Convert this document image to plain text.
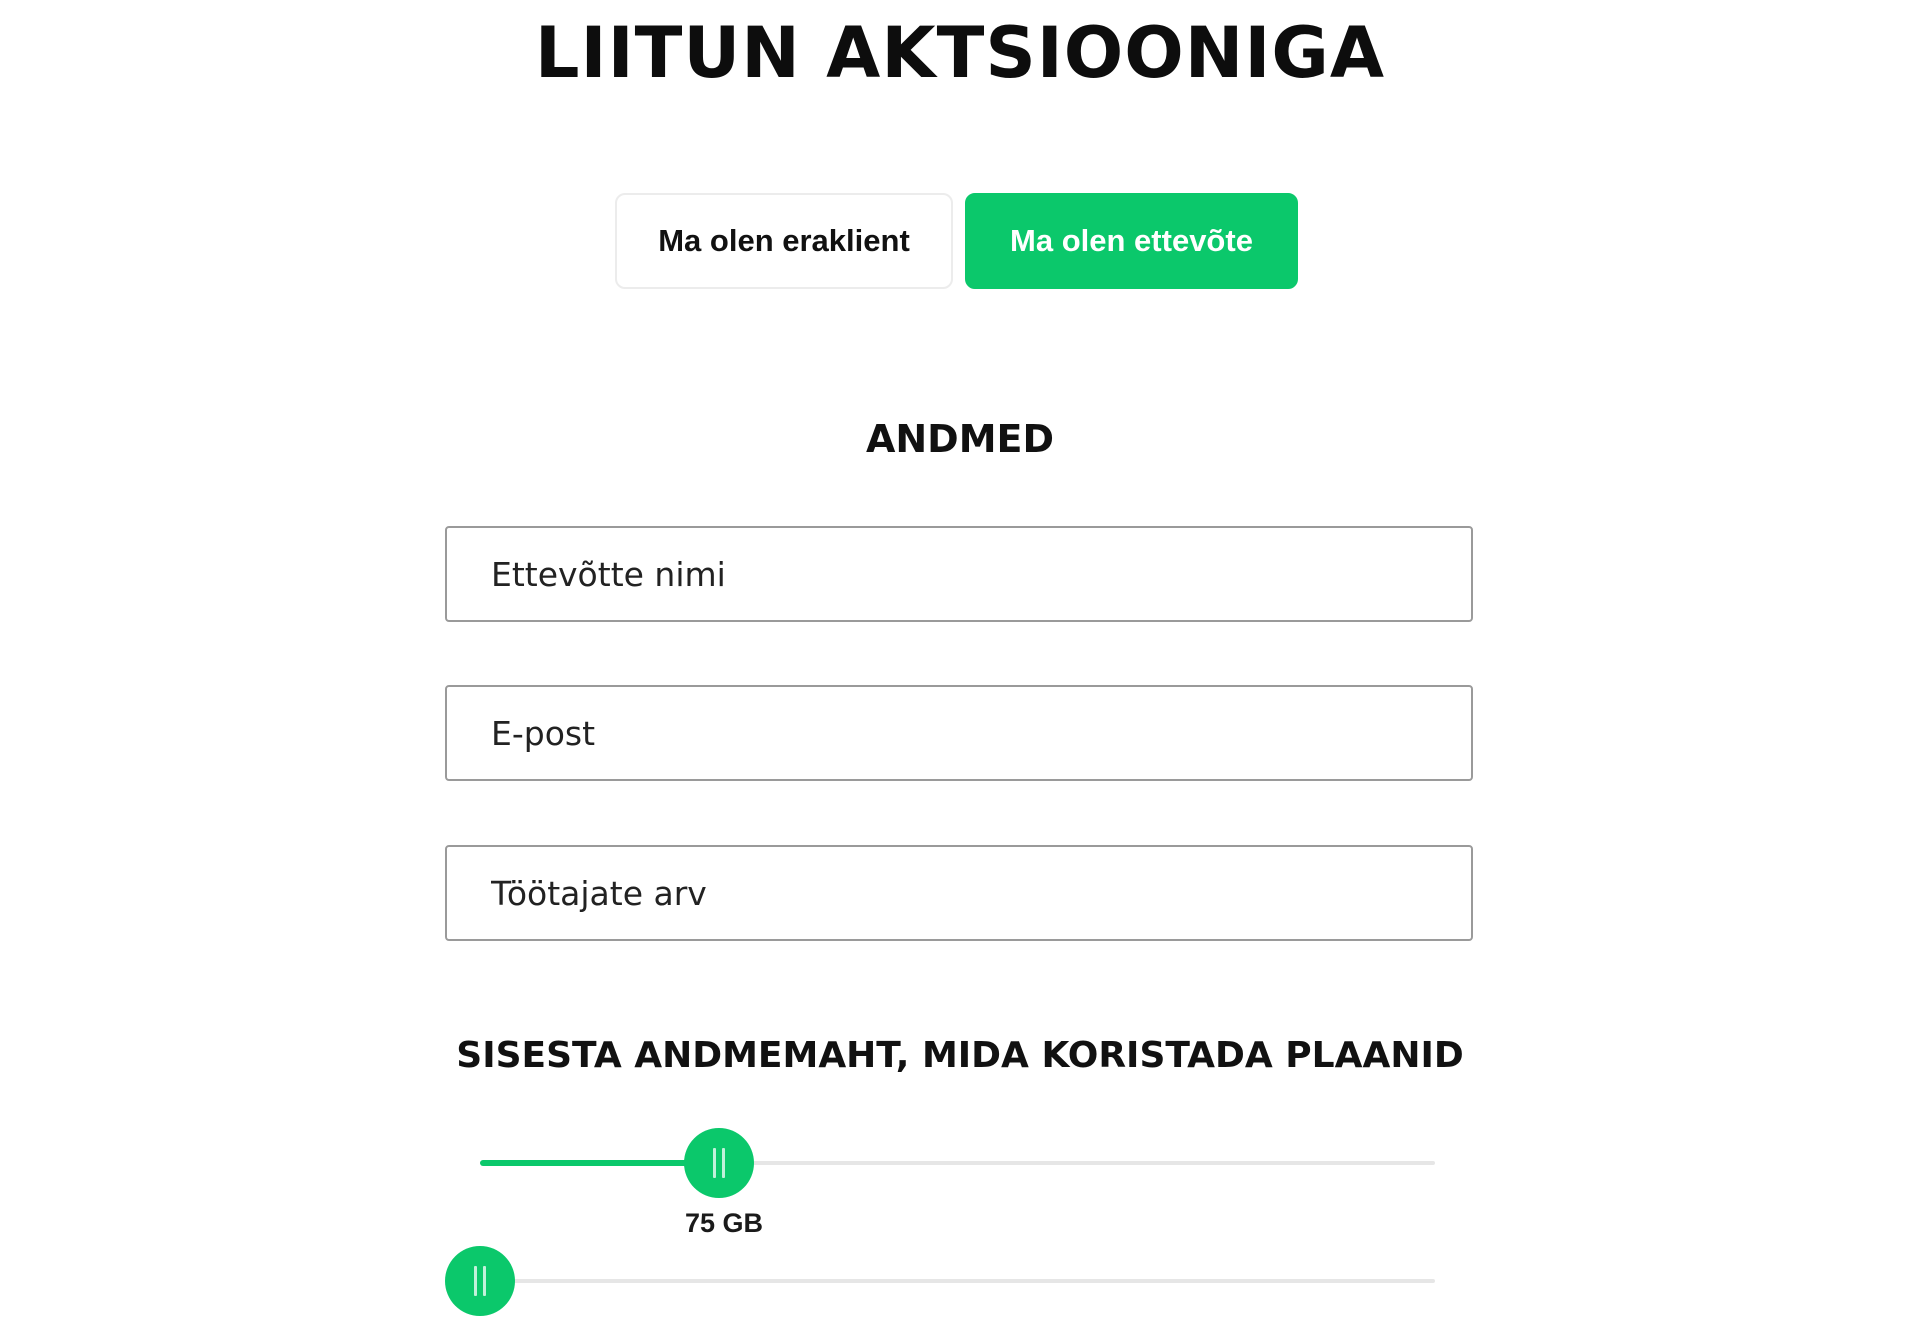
LIITUN AKTSIOONIGA
Ma olen eraklient	Ma olen ettevõte
ANDMED
Ettevõtte nimi
E-post
Töötajate arv
SISESTA ANDMEMAHT, MIDA KORISTADA PLAANID
75 GB
